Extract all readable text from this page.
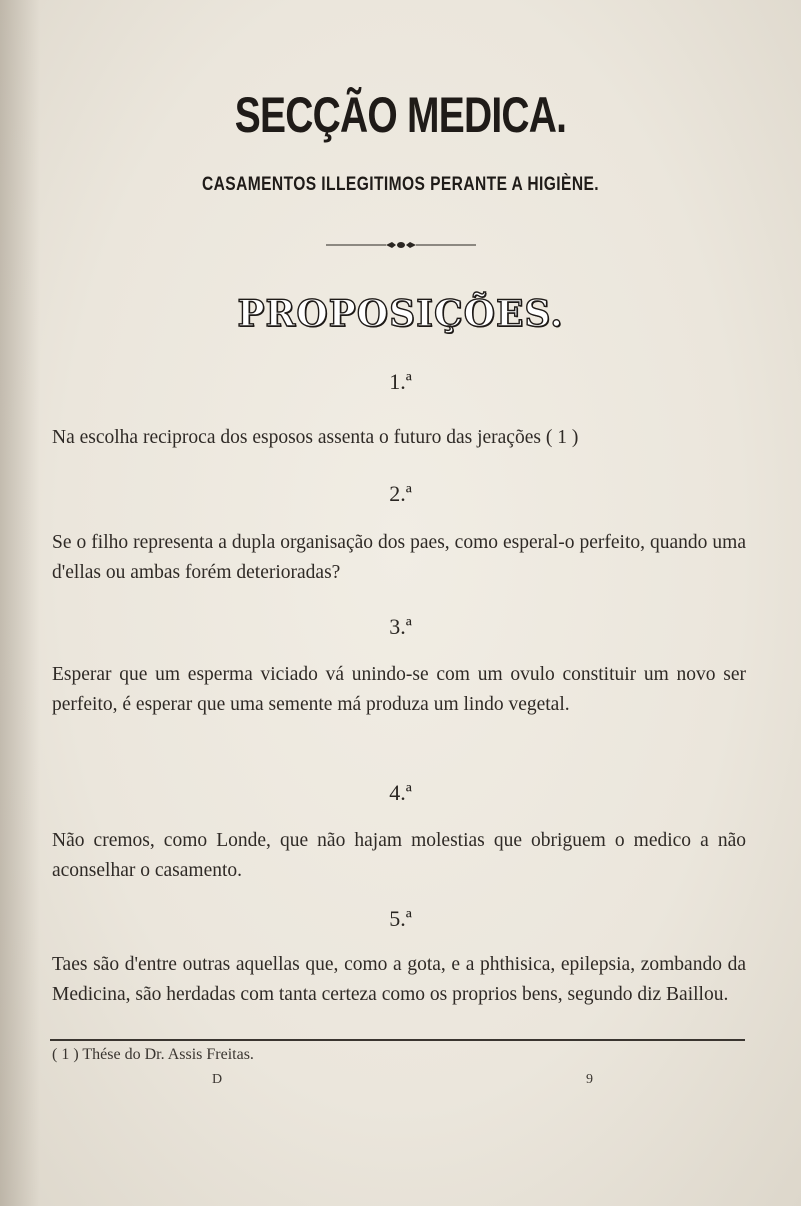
SECÇÃO MEDICA.
CASAMENTOS ILLEGITIMOS PERANTE A HIGIÈNE.
PROPOSIÇÕES.
1.ª
Na escolha reciproca dos esposos assenta o futuro das jerações ( 1 )
2.ª
Se o filho representa a dupla organisação dos paes, como esperal-o perfeito, quando uma d'ellas ou ambas forém deterioradas?
3.ª
Esperar que um esperma viciado vá unindo-se com um ovulo constituir um novo ser perfeito, é esperar que uma semente má produza um lindo vegetal.
4.ª
Não cremos, como Londe, que não hajam molestias que obriguem o medico a não aconselhar o casamento.
5.ª
Taes são d'entre outras aquellas que, como a gota, e a phthisica, epilepsia, zombando da Medicina, são herdadas com tanta certeza como os proprios bens, segundo diz Baillou.
( 1 ) Thése do Dr. Assis Freitas.
D	9
